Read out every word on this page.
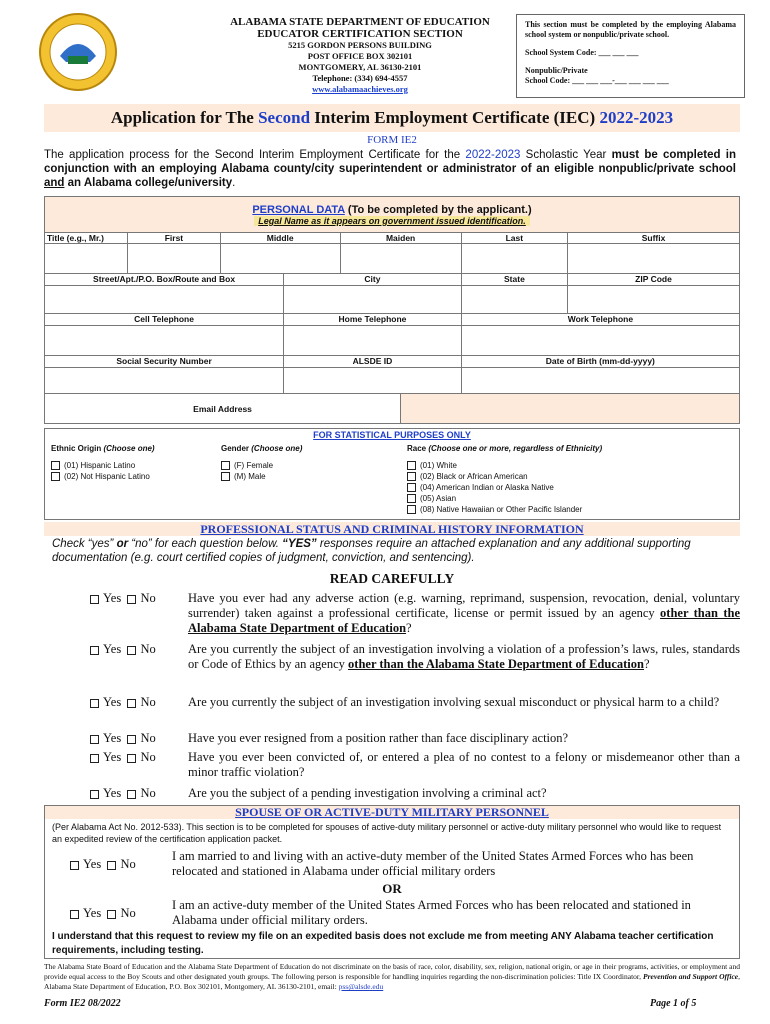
ALABAMA STATE DEPARTMENT OF EDUCATION
EDUCATOR CERTIFICATION SECTION
5215 GORDON PERSONS BUILDING
POST OFFICE BOX 302101
MONTGOMERY, AL 36130-2101
Telephone: (334) 694-4557
www.alabamaachieves.org
This section must be completed by the employing Alabama school system or nonpublic/private school.
School System Code: ___ ___ ___
Nonpublic/Private
School Code: ___ ___ ___-___ ___ ___ ___
Application for The Second Interim Employment Certificate (IEC) 2022-2023
FORM IE2
The application process for the Second Interim Employment Certificate for the 2022-2023 Scholastic Year must be completed in conjunction with an employing Alabama county/city superintendent or administrator of an eligible nonpublic/private school and an Alabama college/university.
PERSONAL DATA (To be completed by the applicant.)
Legal Name as it appears on government issued identification.							

Title (e.g., Mr.)	First	Middle		Maiden		Last	Suffix

Street/Apt./P.O. Box/Route and Box			City			State	ZIP Code

Cell Telephone			Home Telephone			Work Telephone	

Social Security Number			ALSDE ID			Date of Birth (mm-dd-yyyy)	

Email Address							
FOR STATISTICAL PURPOSES ONLY
Ethnic Origin (Choose one)
(01) Hispanic Latino
(02) Not Hispanic Latino
Gender (Choose one)
(F) Female
(M) Male
Race (Choose one or more, regardless of Ethnicity)
(01) White
(02) Black or African American
(04) American Indian or Alaska Native
(05) Asian
(08) Native Hawaiian or Other Pacific Islander
PROFESSIONAL STATUS AND CRIMINAL HISTORY INFORMATION
Check “yes” or “no” for each question below. “YES” responses require an attached explanation and any additional supporting documentation (e.g. court certified copies of judgment, conviction, and sentencing).
READ CAREFULLY
Yes No	Have you ever had any adverse action (e.g. warning, reprimand, suspension, revocation, denial, voluntary surrender) taken against a professional certificate, license or permit issued by an agency other than the Alabama State Department of Education?
Yes No	Are you currently the subject of an investigation involving a violation of a profession’s laws, rules, standards or Code of Ethics by an agency other than the Alabama State Department of Education?
Yes No	Are you currently the subject of an investigation involving sexual misconduct or physical harm to a child?
Yes No	Have you ever resigned from a position rather than face disciplinary action?
Yes No	Have you ever been convicted of, or entered a plea of no contest to a felony or misdemeanor other than a minor traffic violation?
Yes No	Are you the subject of a pending investigation involving a criminal act?
SPOUSE OF OR ACTIVE-DUTY MILITARY PERSONNEL
(Per Alabama Act No. 2012-533). This section is to be completed for spouses of active-duty military personnel or active-duty military personnel who would like to request an expedited review of the certification application packet.
Yes No
I am married to and living with an active-duty member of the United States Armed Forces who has been relocated and stationed in Alabama under official military orders
OR
Yes No
I am an active-duty member of the United States Armed Forces who has been relocated and stationed in Alabama under official military orders.
I understand that this request to review my file on an expedited basis does not exclude me from meeting ANY Alabama teacher certification requirements, including testing.
The Alabama State Board of Education and the Alabama State Department of Education do not discriminate on the basis of race, color, disability, sex, religion, national origin, or age in their programs, activities, or employment and provide equal access to the Boy Scouts and other designated youth groups. The following person is responsible for handling inquiries regarding the non-discrimination policies: Title IX Coordinator, Prevention and Support Office, Alabama State Department of Education, P.O. Box 302101, Montgomery, AL 36130-2101, email: pss@alsde.edu
Form IE2 08/2022	Page 1 of 5
